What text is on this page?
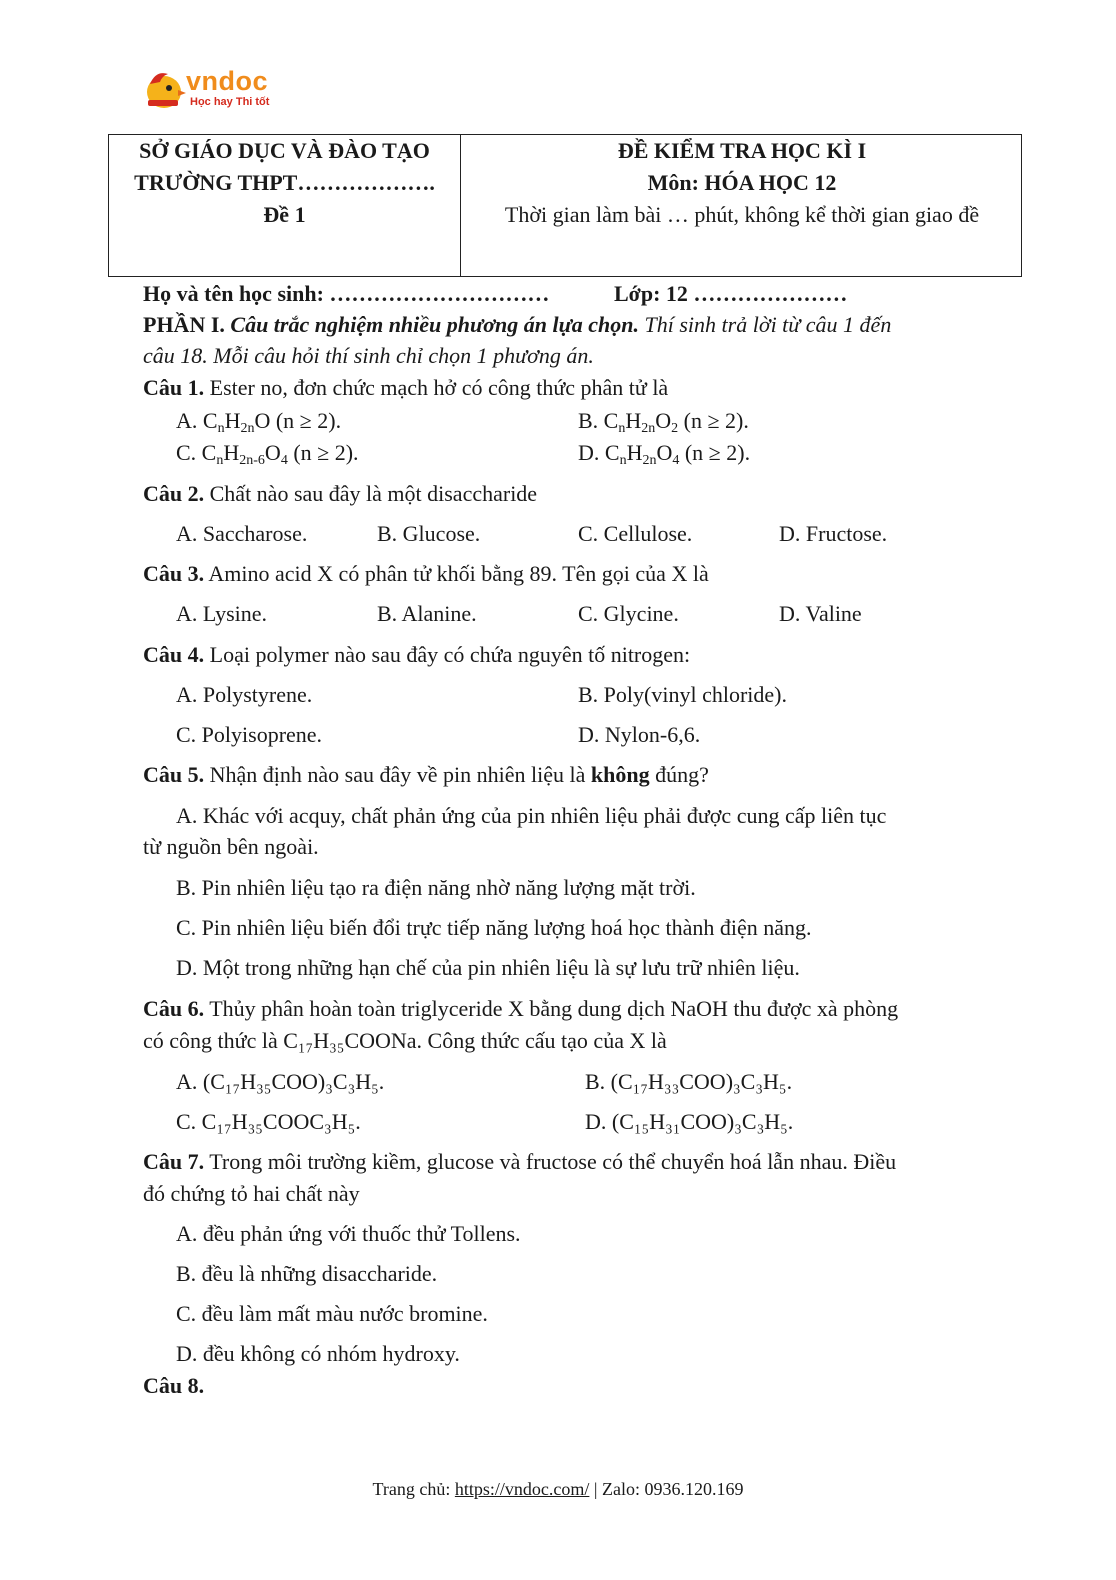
vndoc
Học hay Thi tốt
SỞ GIÁO DỤC VÀ ĐÀO TẠO
TRƯỜNG THPT……………….
Đề 1
ĐỀ KIỂM TRA HỌC KÌ I
Môn: HÓA HỌC 12
Thời gian làm bài … phút, không kể thời gian giao đề
Họ và tên học sinh: …………………………	Lớp: 12 …………………
PHẦN I. Câu trắc nghiệm nhiều phương án lựa chọn. Thí sinh trả lời từ câu 1 đến
câu 18. Mỗi câu hỏi thí sinh chỉ chọn 1 phương án.
Câu 1. Ester no, đơn chức mạch hở có công thức phân tử là
A. $C_nH_{2n}O$ (n ≥ 2).	B. $C_nH_{2n}O_2$ (n ≥ 2).
C. $C_nH_{2n-6}O_4$ (n ≥ 2).	D. $C_nH_{2n}O_4$ (n ≥ 2).
Câu 2. Chất nào sau đây là một disaccharide
A. Saccharose.	B. Glucose.	C. Cellulose.	D. Fructose.
Câu 3. Amino acid X có phân tử khối bằng 89. Tên gọi của X là
A. Lysine.	B. Alanine.	C. Glycine.	D. Valine
Câu 4. Loại polymer nào sau đây có chứa nguyên tố nitrogen:
A. Polystyrene.	B. Poly(vinyl chloride).
C. Polyisoprene.	D. Nylon-6,6.
Câu 5. Nhận định nào sau đây về pin nhiên liệu là không đúng?
A. Khác với acquy, chất phản ứng của pin nhiên liệu phải được cung cấp liên tục
từ nguồn bên ngoài.
B. Pin nhiên liệu tạo ra điện năng nhờ năng lượng mặt trời.
C. Pin nhiên liệu biến đổi trực tiếp năng lượng hoá học thành điện năng.
D. Một trong những hạn chế của pin nhiên liệu là sự lưu trữ nhiên liệu.
Câu 6. Thủy phân hoàn toàn triglyceride X bằng dung dịch NaOH thu được xà phòng
có công thức là C₁₇H₃₅COONa. Công thức cấu tạo của X là
A. (C₁₇H₃₅COO)₃C₃H₅.	B. (C₁₇H₃₃COO)₃C₃H₅.
C. C₁₇H₃₅COOC₃H₅.	D. (C₁₅H₃₁COO)₃C₃H₅.
Câu 7. Trong môi trường kiềm, glucose và fructose có thể chuyển hoá lẫn nhau. Điều
đó chứng tỏ hai chất này
A. đều phản ứng với thuốc thử Tollens.
B. đều là những disaccharide.
C. đều làm mất màu nước bromine.
D. đều không có nhóm hydroxy.
Câu 8.
Trang chủ: https://vndoc.com/ | Zalo: 0936.120.169
